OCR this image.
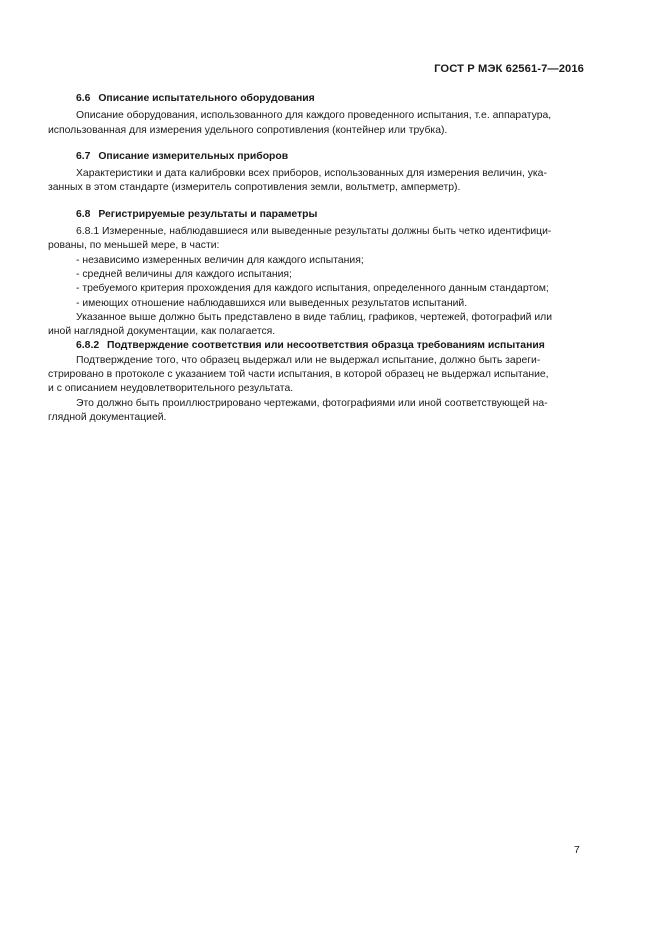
ГОСТ Р МЭК 62561-7—2016

6.6 Описание испытательного оборудования

Описание оборудования, использованного для каждого проведенного испытания, т.е. аппаратура,

использованная для измерения удельного сопротивления (контейнер или трубка).

6.7 Описание измерительных приборов

Характеристики и дата калибровки всех приборов, использованных для измерения величин, ука-

занных в этом стандарте (измеритель сопротивления земли, вольтметр, амперметр).

6.8 Регистрируемые результаты и параметры

6.8.1 Измеренные, наблюдавшиеся или выведенные результаты должны быть четко идентифици-

рованы, по меньшей мере, в части:

- независимо измеренных величин для каждого испытания;

- средней величины для каждого испытания;

- требуемого критерия прохождения для каждого испытания, определенного данным стандартом;

- имеющих отношение наблюдавшихся или выведенных результатов испытаний.

Указанное выше должно быть представлено в виде таблиц, графиков, чертежей, фотографий или

иной наглядной документации, как полагается.

6.8.2 Подтверждение соответствия или несоответствия образца требованиям испытания

Подтверждение того, что образец выдержал или не выдержал испытание, должно быть зареги-

стрировано в протоколе с указанием той части испытания, в которой образец не выдержал испытание,

и с описанием неудовлетворительного результата.

Это должно быть проиллюстрировано чертежами, фотографиями или иной соответствующей на-

глядной документацией.

7
